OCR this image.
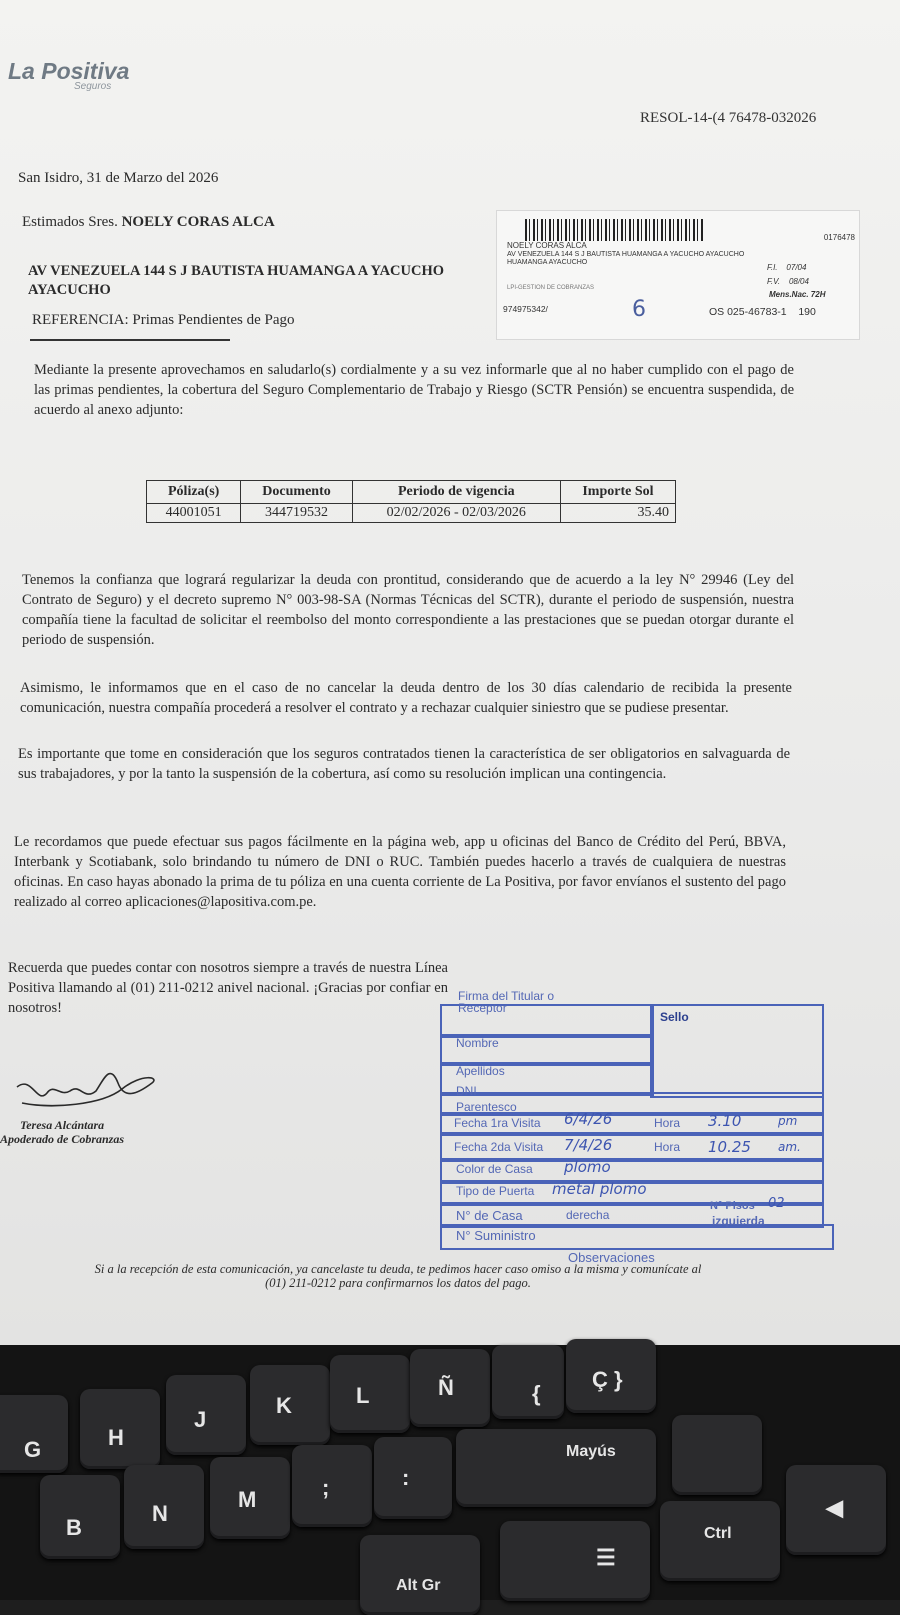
La Positiva
Seguros
RESOL-14-(4 76478-032026
San Isidro, 31 de Marzo del 2026
Estimados Sres. NOELY CORAS ALCA
AV VENEZUELA 144 S J BAUTISTA HUAMANGA A YACUCHO
AYACUCHO
REFERENCIA: Primas Pendientes de Pago
0176478
NOELY CORAS ALCA
AV VENEZUELA 144 S J BAUTISTA HUAMANGA A YACUCHO AYACUCHO HUAMANGA AYACUCHO
LPI-GESTION DE COBRANZAS
974975342/	6	OS 025-46783-1 190
F.I. 07/04
F.V. 08/04
Mens.Nac. 72H
Mediante la presente aprovechamos en saludarlo(s) cordialmente y a su vez informarle que al no haber cumplido con el pago de las primas pendientes, la cobertura del Seguro Complementario de Trabajo y Riesgo (SCTR Pensión) se encuentra suspendida, de acuerdo al anexo adjunto:
Póliza(s)	Documento	Periodo de vigencia	Importe Sol
44001051	344719532	02/02/2026 - 02/03/2026	35.40
Tenemos la confianza que logrará regularizar la deuda con prontitud, considerando que de acuerdo a la ley N° 29946 (Ley del Contrato de Seguro) y el decreto supremo N° 003-98-SA (Normas Técnicas del SCTR), durante el periodo de suspensión, nuestra compañía tiene la facultad de solicitar el reembolso del monto correspondiente a las prestaciones que se puedan otorgar durante el periodo de suspensión.
Asimismo, le informamos que en el caso de no cancelar la deuda dentro de los 30 días calendario de recibida la presente comunicación, nuestra compañía procederá a resolver el contrato y a rechazar cualquier siniestro que se pudiese presentar.
Es importante que tome en consideración que los seguros contratados tienen la característica de ser obligatorios en salvaguarda de sus trabajadores, y por la tanto la suspensión de la cobertura, así como su resolución implican una contingencia.
Le recordamos que puede efectuar sus pagos fácilmente en la página web, app u oficinas del Banco de Crédito del Perú, BBVA, Interbank y Scotiabank, solo brindando tu número de DNI o RUC. También puedes hacerlo a través de cualquiera de nuestras oficinas. En caso hayas abonado la prima de tu póliza en una cuenta corriente de La Positiva, por favor envíanos el sustento del pago realizado al correo aplicaciones@lapositiva.com.pe.
Recuerda que puedes contar con nosotros siempre a través de nuestra Línea Positiva llamando al (01) 211-0212 anivel nacional. ¡Gracias por confiar en nosotros!
Teresa Alcántara
Apoderado de Cobranzas
Firma del Titular o Receptor
Sello
Nombre
Apellidos
DNI
Parentesco
Fecha 1ra Visita 6/4/26	Hora 3.10	pm
Fecha 2da Visita 7/4/26	Hora 10.25 am.
Color de Casa plomo
Tipo de Puerta metal plomo
N° Pisos 02
N° de Casa	derecha	izquierda
N° Suministro
Observaciones
Si a la recepción de esta comunicación, ya cancelaste tu deuda, te pedimos hacer caso omiso a la misma y comunícate al
(01) 211-0212 para confirmarnos los datos del pago.
G	H
J
K	L	Ñ	{
Ç }
B
N
M	;	:
Mayús
Ctrl
◀
Alt Gr
☰
